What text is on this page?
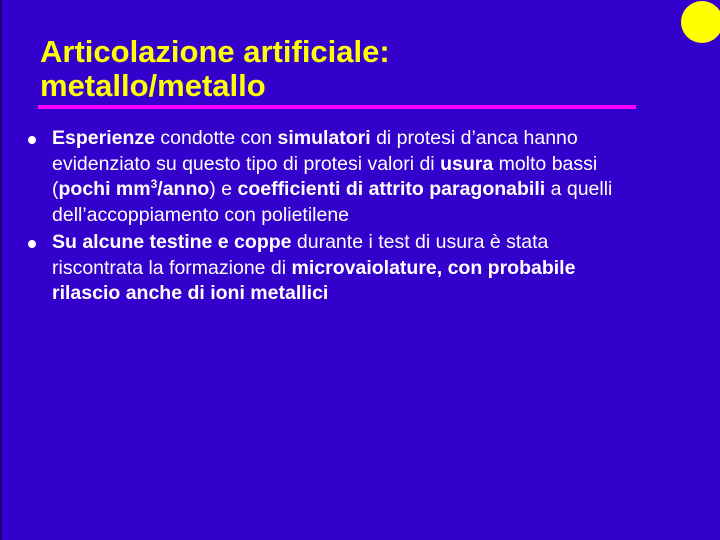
Articolazione artificiale:
metallo/metallo
Esperienze condotte con simulatori di protesi d’anca hanno evidenziato su questo tipo di protesi valori di usura molto bassi (pochi $mm^3/anno$) e coefficienti di attrito paragonabili a quelli dell’accoppiamento con polietilene
Su alcune testine e coppe durante i test di usura è stata riscontrata la formazione di microvaiolature, con probabile rilascio anche di ioni metallici
